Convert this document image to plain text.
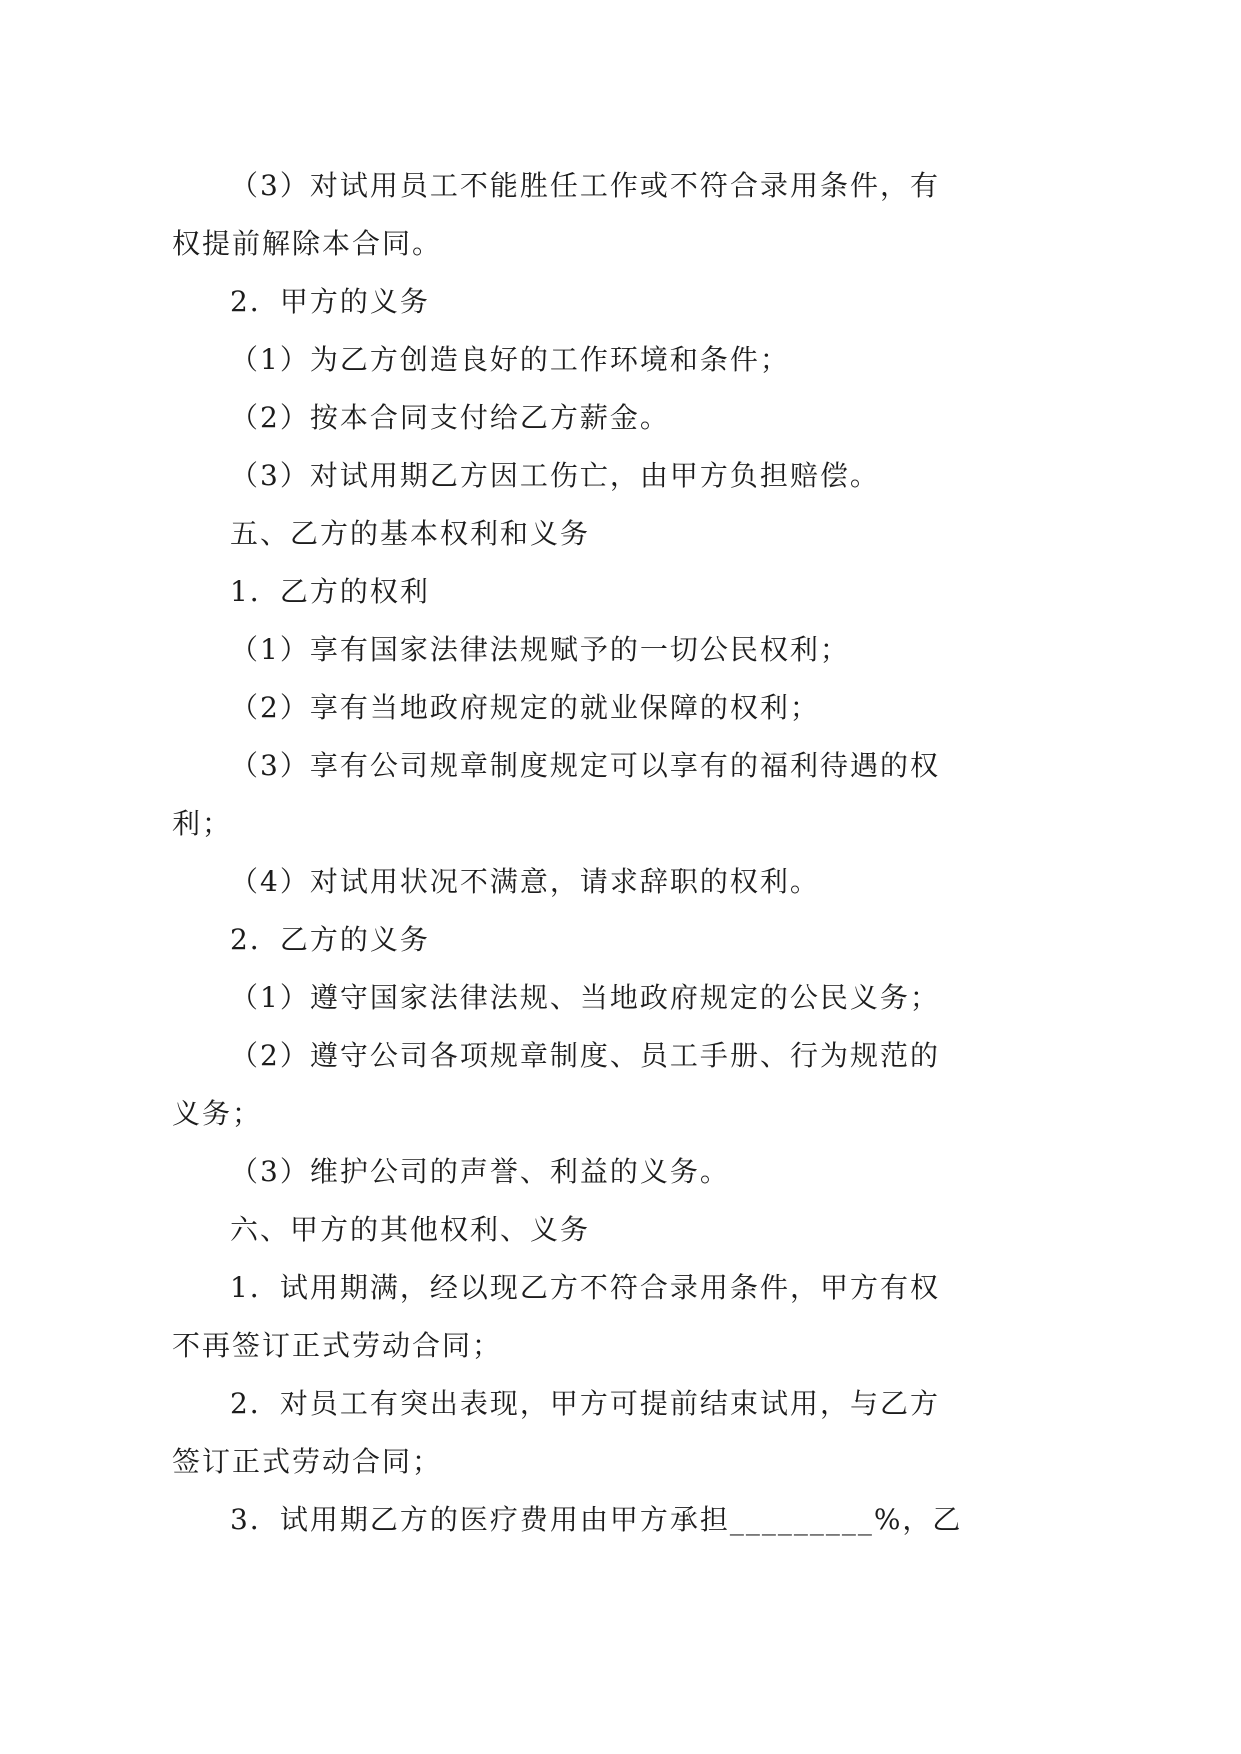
（3）对试用员工不能胜任工作或不符合录用条件，有
权提前解除本合同。
2．甲方的义务
（1）为乙方创造良好的工作环境和条件；
（2）按本合同支付给乙方薪金。
（3）对试用期乙方因工伤亡，由甲方负担赔偿。
五、乙方的基本权利和义务
1．乙方的权利
（1）享有国家法律法规赋予的一切公民权利；
（2）享有当地政府规定的就业保障的权利；
（3）享有公司规章制度规定可以享有的福利待遇的权
利；
（4）对试用状况不满意，请求辞职的权利。
2．乙方的义务
（1）遵守国家法律法规、当地政府规定的公民义务；
（2）遵守公司各项规章制度、员工手册、行为规范的
义务；
（3）维护公司的声誉、利益的义务。
六、甲方的其他权利、义务
1．试用期满，经以现乙方不符合录用条件，甲方有权
不再签订正式劳动合同；
2．对员工有突出表现，甲方可提前结束试用，与乙方
签订正式劳动合同；
3．试用期乙方的医疗费用由甲方承担_________%，乙
